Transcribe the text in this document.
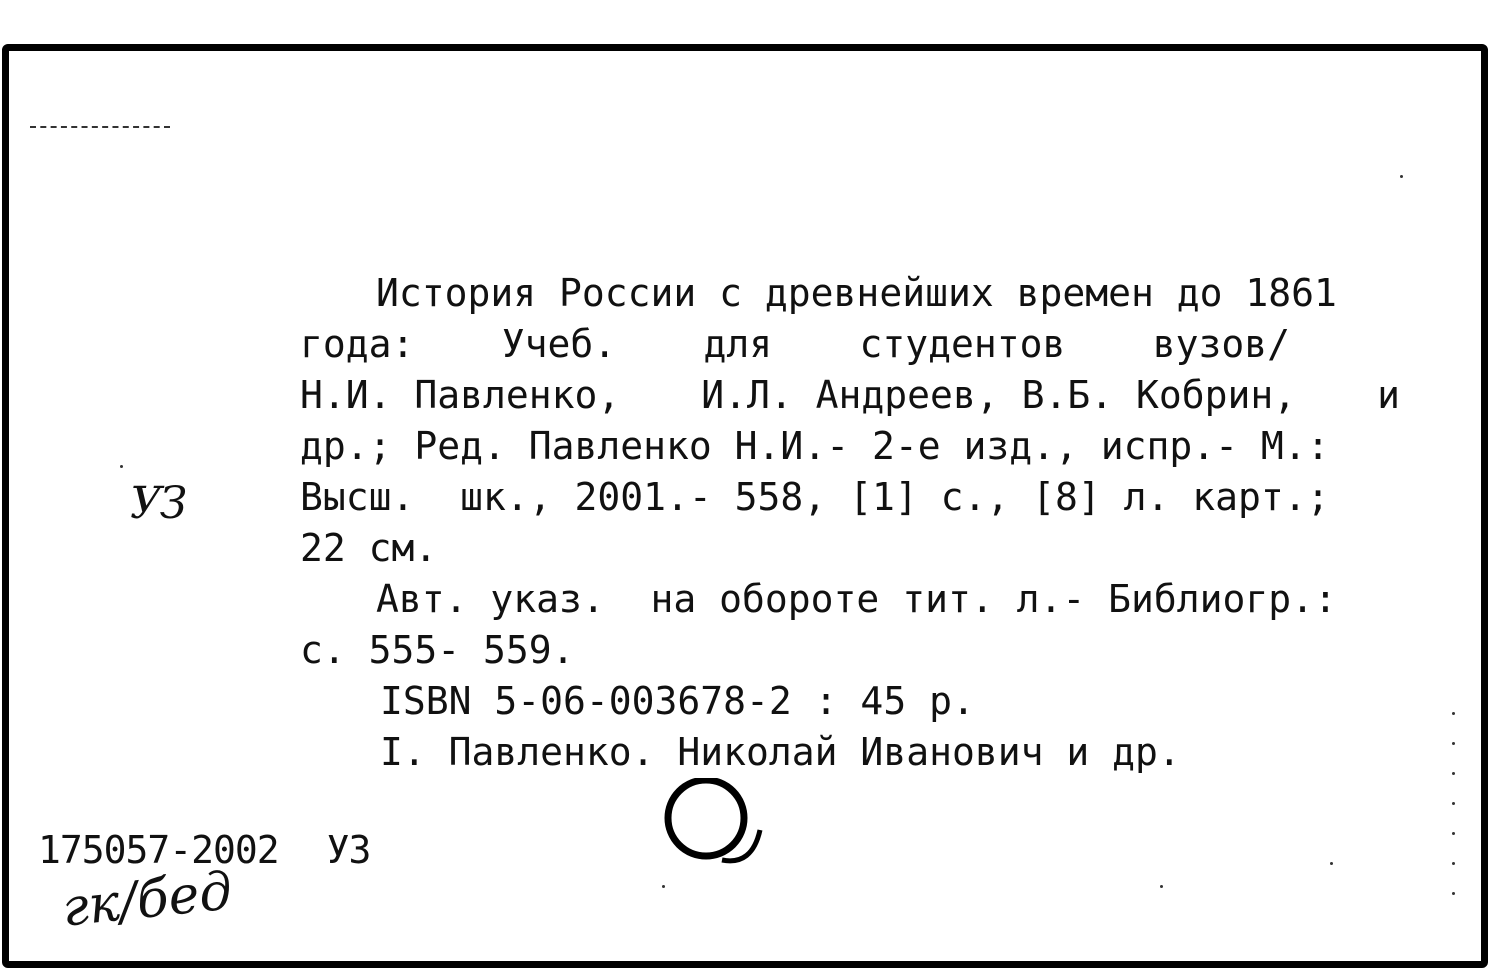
История России с древнейших времен до 1861
года: Учеб. для студентов вузов/
Н.И. Павленко, И.Л. Андреев, В.Б. Кобрин, и
др.; Ред. Павленко Н.И.- 2-е изд., испр.- М.:
Высш.  шк., 2001.- 558, [1] с., [8] л. карт.;
22 см.
Авт. указ.  на обороте тит. л.- Библиогр.:
с. 555- 559.
ISBN 5-06-003678-2 : 45 р.
I. Павленко. Николай Иванович и др.
УЗ
175057-2002 УЗ
гк/бед
